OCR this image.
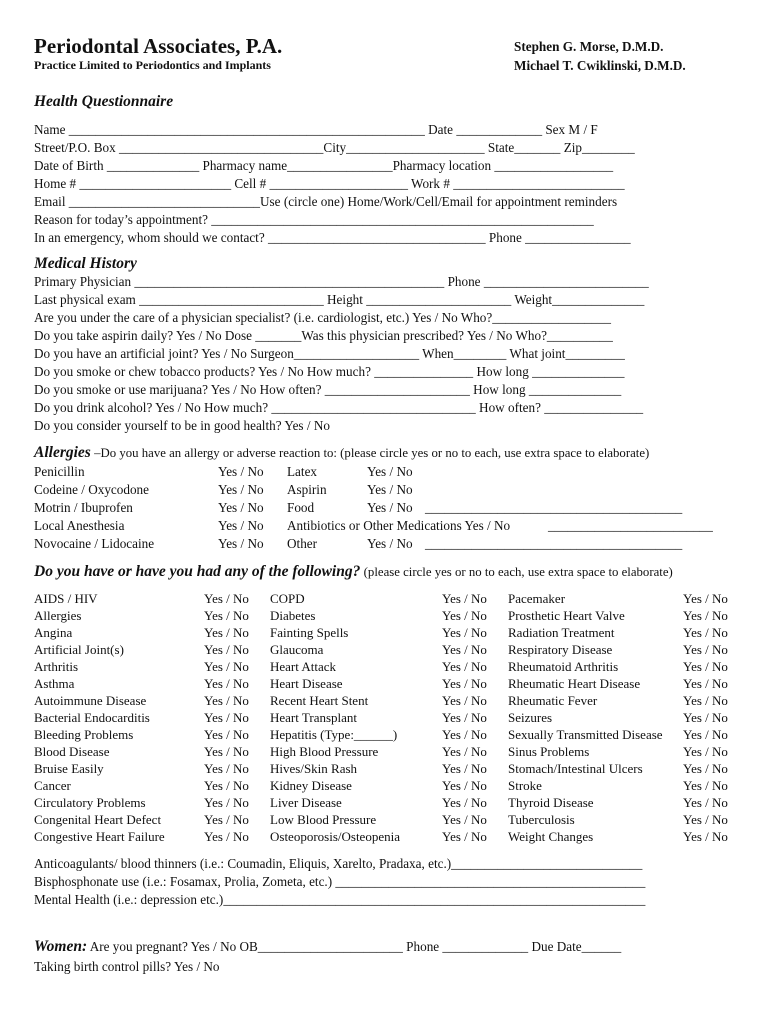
Periodontal Associates, P.A.
Practice Limited to Periodontics and Implants
Stephen G. Morse, D.M.D.
Michael T. Cwiklinski, D.M.D.
Health Questionnaire
Name ______________________________________________________ Date _____________ Sex M / F
Street/P.O. Box _______________________________City_____________________ State_______ Zip________
Date of Birth ______________ Pharmacy name________________Pharmacy location __________________
Home # _______________________ Cell # _____________________ Work # __________________________
Email _____________________________Use (circle one) Home/Work/Cell/Email for appointment reminders
Reason for today’s appointment? __________________________________________________________
In an emergency, whom should we contact? _________________________________ Phone ________________
Medical History
Primary Physician _______________________________________________ Phone _________________________
Last physical exam ____________________________ Height ______________________ Weight______________
Are you under the care of a physician specialist? (i.e. cardiologist, etc.) Yes / No Who?__________________
Do you take aspirin daily? Yes / No Dose _______Was this physician prescribed? Yes / No Who?__________
Do you have an artificial joint? Yes / No Surgeon___________________ When________ What joint_________
Do you smoke or chew tobacco products? Yes / No How much? _______________ How long ______________
Do you smoke or use marijuana? Yes / No How often? ______________________ How long ______________
Do you drink alcohol? Yes / No How much? _______________________________ How often? _______________
Do you consider yourself to be in good health? Yes / No
Allergies –Do you have an allergy or adverse reaction to: (please circle yes or no to each, use extra space to elaborate)
Penicillin	Yes / No Latex	Yes / No
Codeine / Oxycodone	Yes / No Aspirin	Yes / No
Motrin / Ibuprofen	Yes / No Food	Yes / No _______________________________________
Local Anesthesia	Yes / No Antibiotics or Other Medications Yes / No	_________________________
Novocaine / Lidocaine	Yes / No Other	Yes / No _______________________________________
Do you have or have you had any of the following? (please circle yes or no to each, use extra space to elaborate)
AIDS / HIV	Yes / No COPD	Yes / No Pacemaker	Yes / No
Allergies	Yes / No Diabetes	Yes / No Prosthetic Heart Valve	Yes / No
Angina	Yes / No Fainting Spells	Yes / No Radiation Treatment	Yes / No
Artificial Joint(s)	Yes / No Glaucoma	Yes / No Respiratory Disease	Yes / No
Arthritis	Yes / No Heart Attack	Yes / No Rheumatoid Arthritis	Yes / No
Asthma	Yes / No Heart Disease	Yes / No Rheumatic Heart Disease	Yes / No
Autoimmune Disease	Yes / No Recent Heart Stent	Yes / No Rheumatic Fever	Yes / No
Bacterial Endocarditis	Yes / No Heart Transplant	Yes / No Seizures	Yes / No
Bleeding Problems	Yes / No Hepatitis (Type:______)	Yes / No Sexually Transmitted Disease Yes / No
Blood Disease	Yes / No High Blood Pressure	Yes / No Sinus Problems	Yes / No
Bruise Easily	Yes / No Hives/Skin Rash	Yes / No Stomach/Intestinal Ulcers	Yes / No
Cancer	Yes / No Kidney Disease	Yes / No Stroke	Yes / No
Circulatory Problems	Yes / No Liver Disease	Yes / No Thyroid Disease	Yes / No
Congenital Heart Defect	Yes / No Low Blood Pressure	Yes / No Tuberculosis	Yes / No
Congestive Heart Failure	Yes / No Osteoporosis/Osteopenia	Yes / No Weight Changes	Yes / No
Anticoagulants/ blood thinners (i.e.: Coumadin, Eliquis, Xarelto, Pradaxa, etc.)_____________________________
Bisphosphonate use (i.e.: Fosamax, Prolia, Zometa, etc.) _______________________________________________
Mental Health (i.e.: depression etc.)________________________________________________________________
Women: Are you pregnant? Yes / No OB______________________ Phone _____________ Due Date______
Taking birth control pills? Yes / No
